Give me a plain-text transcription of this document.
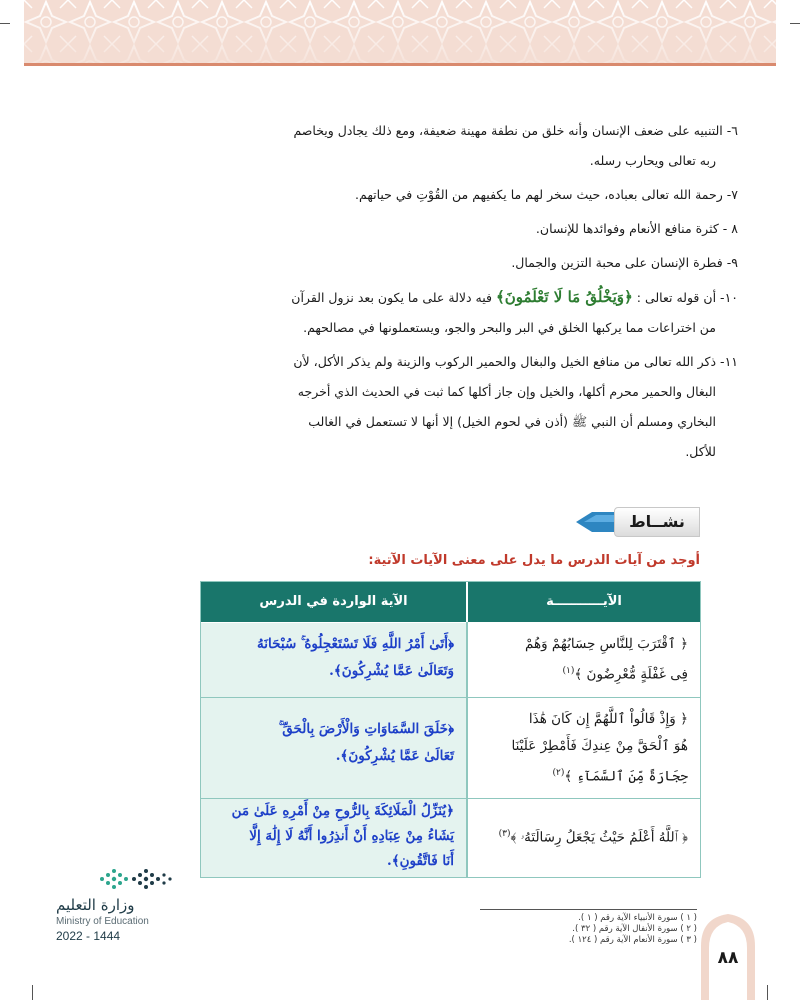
٦-التنبيه على ضعف الإنسان وأنه خلق من نطفة مهينة ضعيفة، ومع ذلك يجادل ويخاصم
ربه تعالى ويحارب رسله.
٧-رحمة الله تعالى بعباده، حيث سخر لهم ما يكفيهم من القُوْتِ في حياتهم.
٨ -كثرة منافع الأنعام وفوائدها للإنسان.
٩-فطرة الإنسان على محبة التزين والجمال.
١٠-أن قوله تعالى : ﴿وَيَخْلُقُ مَا لَا تَعْلَمُونَ﴾ فيه دلالة على ما يكون بعد نزول القرآن
من اختراعات مما يركبها الخلق في البر والبحر والجو، ويستعملونها في مصالحهم.
١١-ذكر الله تعالى من منافع الخيل والبغال والحمير الركوب والزينة ولم يذكر الأكل، لأن
البغال والحمير محرم أكلها، والخيل وإن جاز أكلها كما ثبت في الحديث الذي أخرجه
البخاري ومسلم أن النبي ﷺ (أذن في لحوم الخيل) إلا أنها لا تستعمل في الغالب
للأكل.
نشــاط
أوجد من آيات الدرس ما يدل على معنى الآيات الآتية:
الآيـــــــــــة
الآية الواردة في الدرس
﴿ ٱقْتَرَبَ لِلنَّاسِ حِسَابُهُمْ وَهُمْ
فِى غَفْلَةٍ مُّعْرِضُونَ ﴾$^{(١)}$
﴿أَتَىٰ أَمْرُ اللَّهِ فَلَا تَسْتَعْجِلُوهُ ۚ سُبْحَانَهُ
وَتَعَالَىٰ عَمَّا يُشْرِكُونَ﴾.
﴿ وَإِذْ قَالُواْ ٱللَّهُمَّ إِن كَانَ هَٰذَا
هُوَ ٱلْحَقَّ مِنْ عِندِكَ فَأَمْطِرْ عَلَيْنَا
حِجَارَةً مِّنَ ٱلسَّمَآءِ ﴾$^{(٢)}$
﴿خَلَقَ السَّمَاوَاتِ وَالْأَرْضَ بِالْحَقِّ ۚ
تَعَالَىٰ عَمَّا يُشْرِكُونَ﴾.
﴿ ٱللَّهُ أَعْلَمُ حَيْثُ يَجْعَلُ رِسَالَتَهُۥ ﴾$^{(٣)}$
﴿يُنَزِّلُ الْمَلَائِكَةَ بِالرُّوحِ مِنْ أَمْرِهِ عَلَىٰ مَن
يَشَاءُ مِنْ عِبَادِهِ أَنْ أَنذِرُوا أَنَّهُ لَا إِلَٰهَ إِلَّا
أَنَا فَاتَّقُونِ﴾.
وزارة التعليم
Ministry of Education
2022 - 1444
( ١ ) سورة الأنبياء الآية رقم ( ١ ).
( ٢ ) سورة الأنفال الآية رقم ( ٣٢ ).
( ٣ ) سورة الأنعام الآية رقم ( ١٢٤ ).
٨٨
